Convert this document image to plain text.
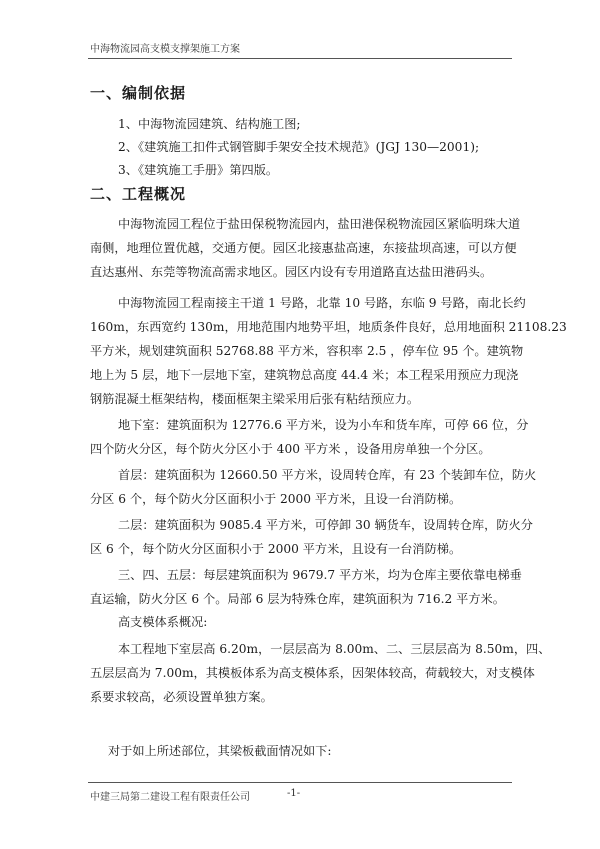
中海物流园高支模支撑架施工方案
一、编制依据
1、中海物流园建筑、结构施工图;
2、《建筑施工扣件式钢管脚手架安全技术规范》(JGJ 130—2001);
3、《建筑施工手册》第四版。
二、工程概况
中海物流园工程位于盐田保税物流园内，盐田港保税物流园区紧临明珠大道
南侧，地理位置优越，交通方便。园区北接惠盐高速，东接盐坝高速，可以方便
直达惠州、东莞等物流高需求地区。园区内设有专用道路直达盐田港码头。
中海物流园工程南接主干道 1 号路，北靠 10 号路，东临 9 号路，南北长约
160m，东西宽约 130m，用地范围内地势平坦，地质条件良好，总用地面积 21108.23
平方米，规划建筑面积 52768.88 平方米，容积率 2.5 ，停车位 95 个。建筑物
地上为 5 层，地下一层地下室，建筑物总高度 44.4 米；本工程采用预应力现浇
钢筋混凝土框架结构，楼面框架主梁采用后张有粘结预应力。
地下室：建筑面积为 12776.6 平方米，设为小车和货车库，可停 66 位，分
四个防火分区，每个防火分区小于 400 平方米 ，设备用房单独一个分区。
首层：建筑面积为 12660.50 平方米，设周转仓库，有 23 个装卸车位，防火
分区 6 个，每个防火分区面积小于 2000 平方米，且设一台消防梯。
二层：建筑面积为 9085.4 平方米，可停卸 30 辆货车，设周转仓库，防火分
区 6 个，每个防火分区面积小于 2000 平方米，且设有一台消防梯。
三、四、五层：每层建筑面积为 9679.7 平方米，均为仓库主要依靠电梯垂
直运输，防火分区 6 个。局部 6 层为特殊仓库，建筑面积为 716.2 平方米。
高支模体系概况:
本工程地下室层高 6.20m，一层层高为 8.00m、二、三层层高为 8.50m，四、
五层层高为 7.00m，其模板体系为高支模体系，因架体较高，荷载较大，对支模体
系要求较高，必须设置单独方案。
对于如上所述部位，其梁板截面情况如下:
中建三局第二建设工程有限责任公司	-1-
